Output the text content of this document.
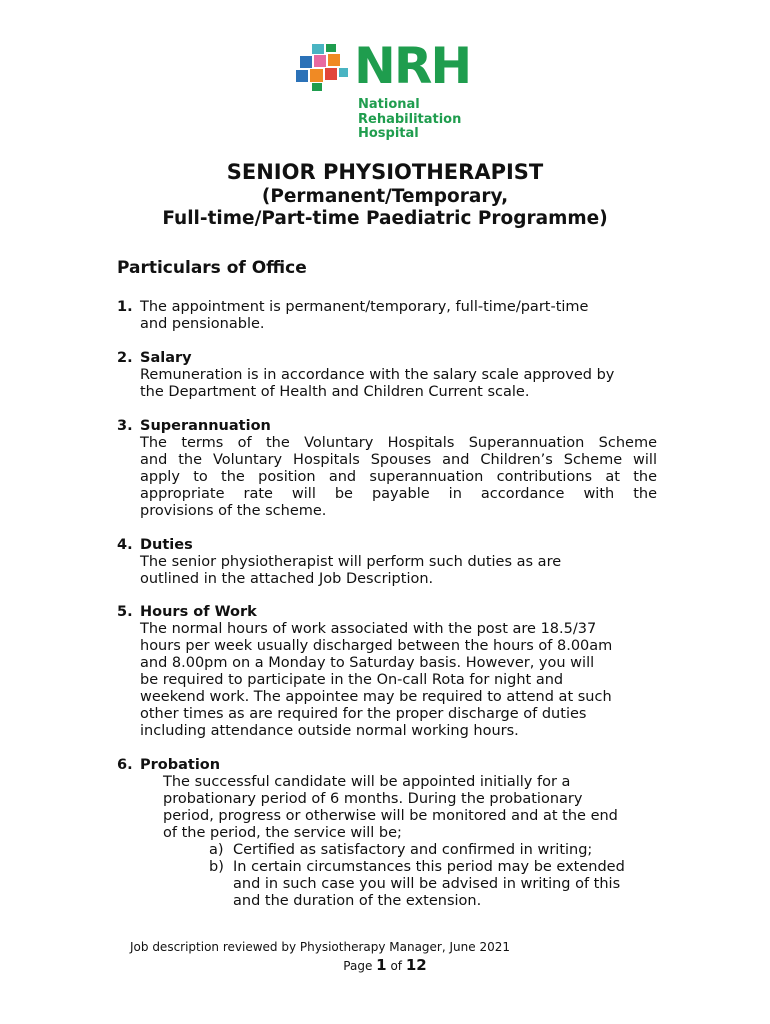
NRH
National
Rehabilitation
Hospital
SENIOR PHYSIOTHERAPIST
(Permanent/Temporary,
Full-time/Part-time Paediatric Programme)
Particulars of Office
1. The appointment is permanent/temporary, full-time/part-time
and pensionable.
2. Salary
Remuneration is in accordance with the salary scale approved by
the Department of Health and Children Current scale.
3. Superannuation
The terms of the Voluntary Hospitals Superannuation Scheme
and the Voluntary Hospitals Spouses and Children’s Scheme will
apply to the position and superannuation contributions at the
appropriate rate will be payable in accordance with the
provisions of the scheme.
4. Duties
The senior physiotherapist will perform such duties as are
outlined in the attached Job Description.
5. Hours of Work
The normal hours of work associated with the post are 18.5/37
hours per week usually discharged between the hours of 8.00am
and 8.00pm on a Monday to Saturday basis. However, you will
be required to participate in the On-call Rota for night and
weekend work. The appointee may be required to attend at such
other times as are required for the proper discharge of duties
including attendance outside normal working hours.
6. Probation
The successful candidate will be appointed initially for a
probationary period of 6 months. During the probationary
period, progress or otherwise will be monitored and at the end
of the period, the service will be;
a) Certified as satisfactory and confirmed in writing;
b) In certain circumstances this period may be extended
and in such case you will be advised in writing of this
and the duration of the extension.
Job description reviewed by Physiotherapy Manager, June 2021
Page 1 of 12
